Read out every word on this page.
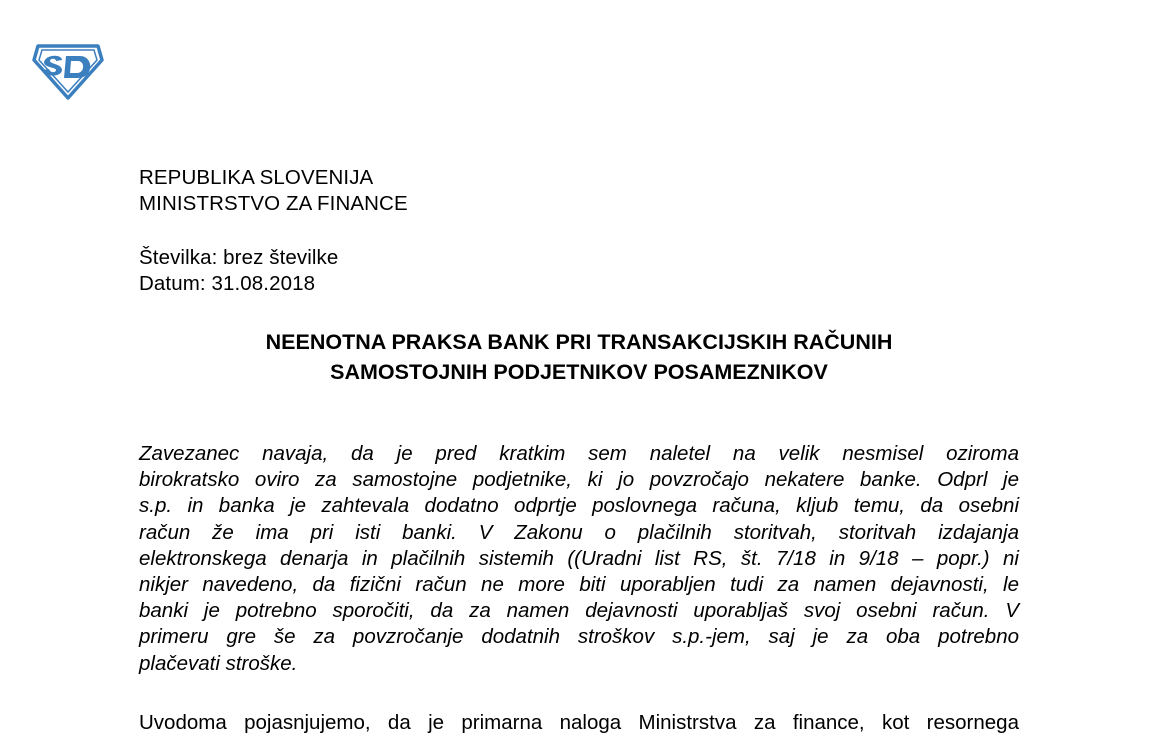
REPUBLIKA SLOVENIJA
MINISTRSTVO ZA FINANCE
Številka: brez številke
Datum: 31.08.2018
NEENOTNA PRAKSA BANK PRI TRANSAKCIJSKIH RAČUNIH
SAMOSTOJNIH PODJETNIKOV POSAMEZNIKOV
Zavezanec navaja, da je pred kratkim sem naletel na velik nesmisel oziroma
birokratsko oviro za samostojne podjetnike, ki jo povzročajo nekatere banke. Odprl je
s.p. in banka je zahtevala dodatno odprtje poslovnega računa, kljub temu, da osebni
račun že ima pri isti banki. V Zakonu o plačilnih storitvah, storitvah izdajanja
elektronskega denarja in plačilnih sistemih ((Uradni list RS, št. 7/18 in 9/18 – popr.) ni
nikjer navedeno, da fizični račun ne more biti uporabljen tudi za namen dejavnosti, le
banki je potrebno sporočiti, da za namen dejavnosti uporabljaš svoj osebni račun. V
primeru gre še za povzročanje dodatnih stroškov s.p.-jem, saj je za oba potrebno
plačevati stroške.
Uvodoma pojasnjujemo, da je primarna naloga Ministrstva za finance, kot resornega
